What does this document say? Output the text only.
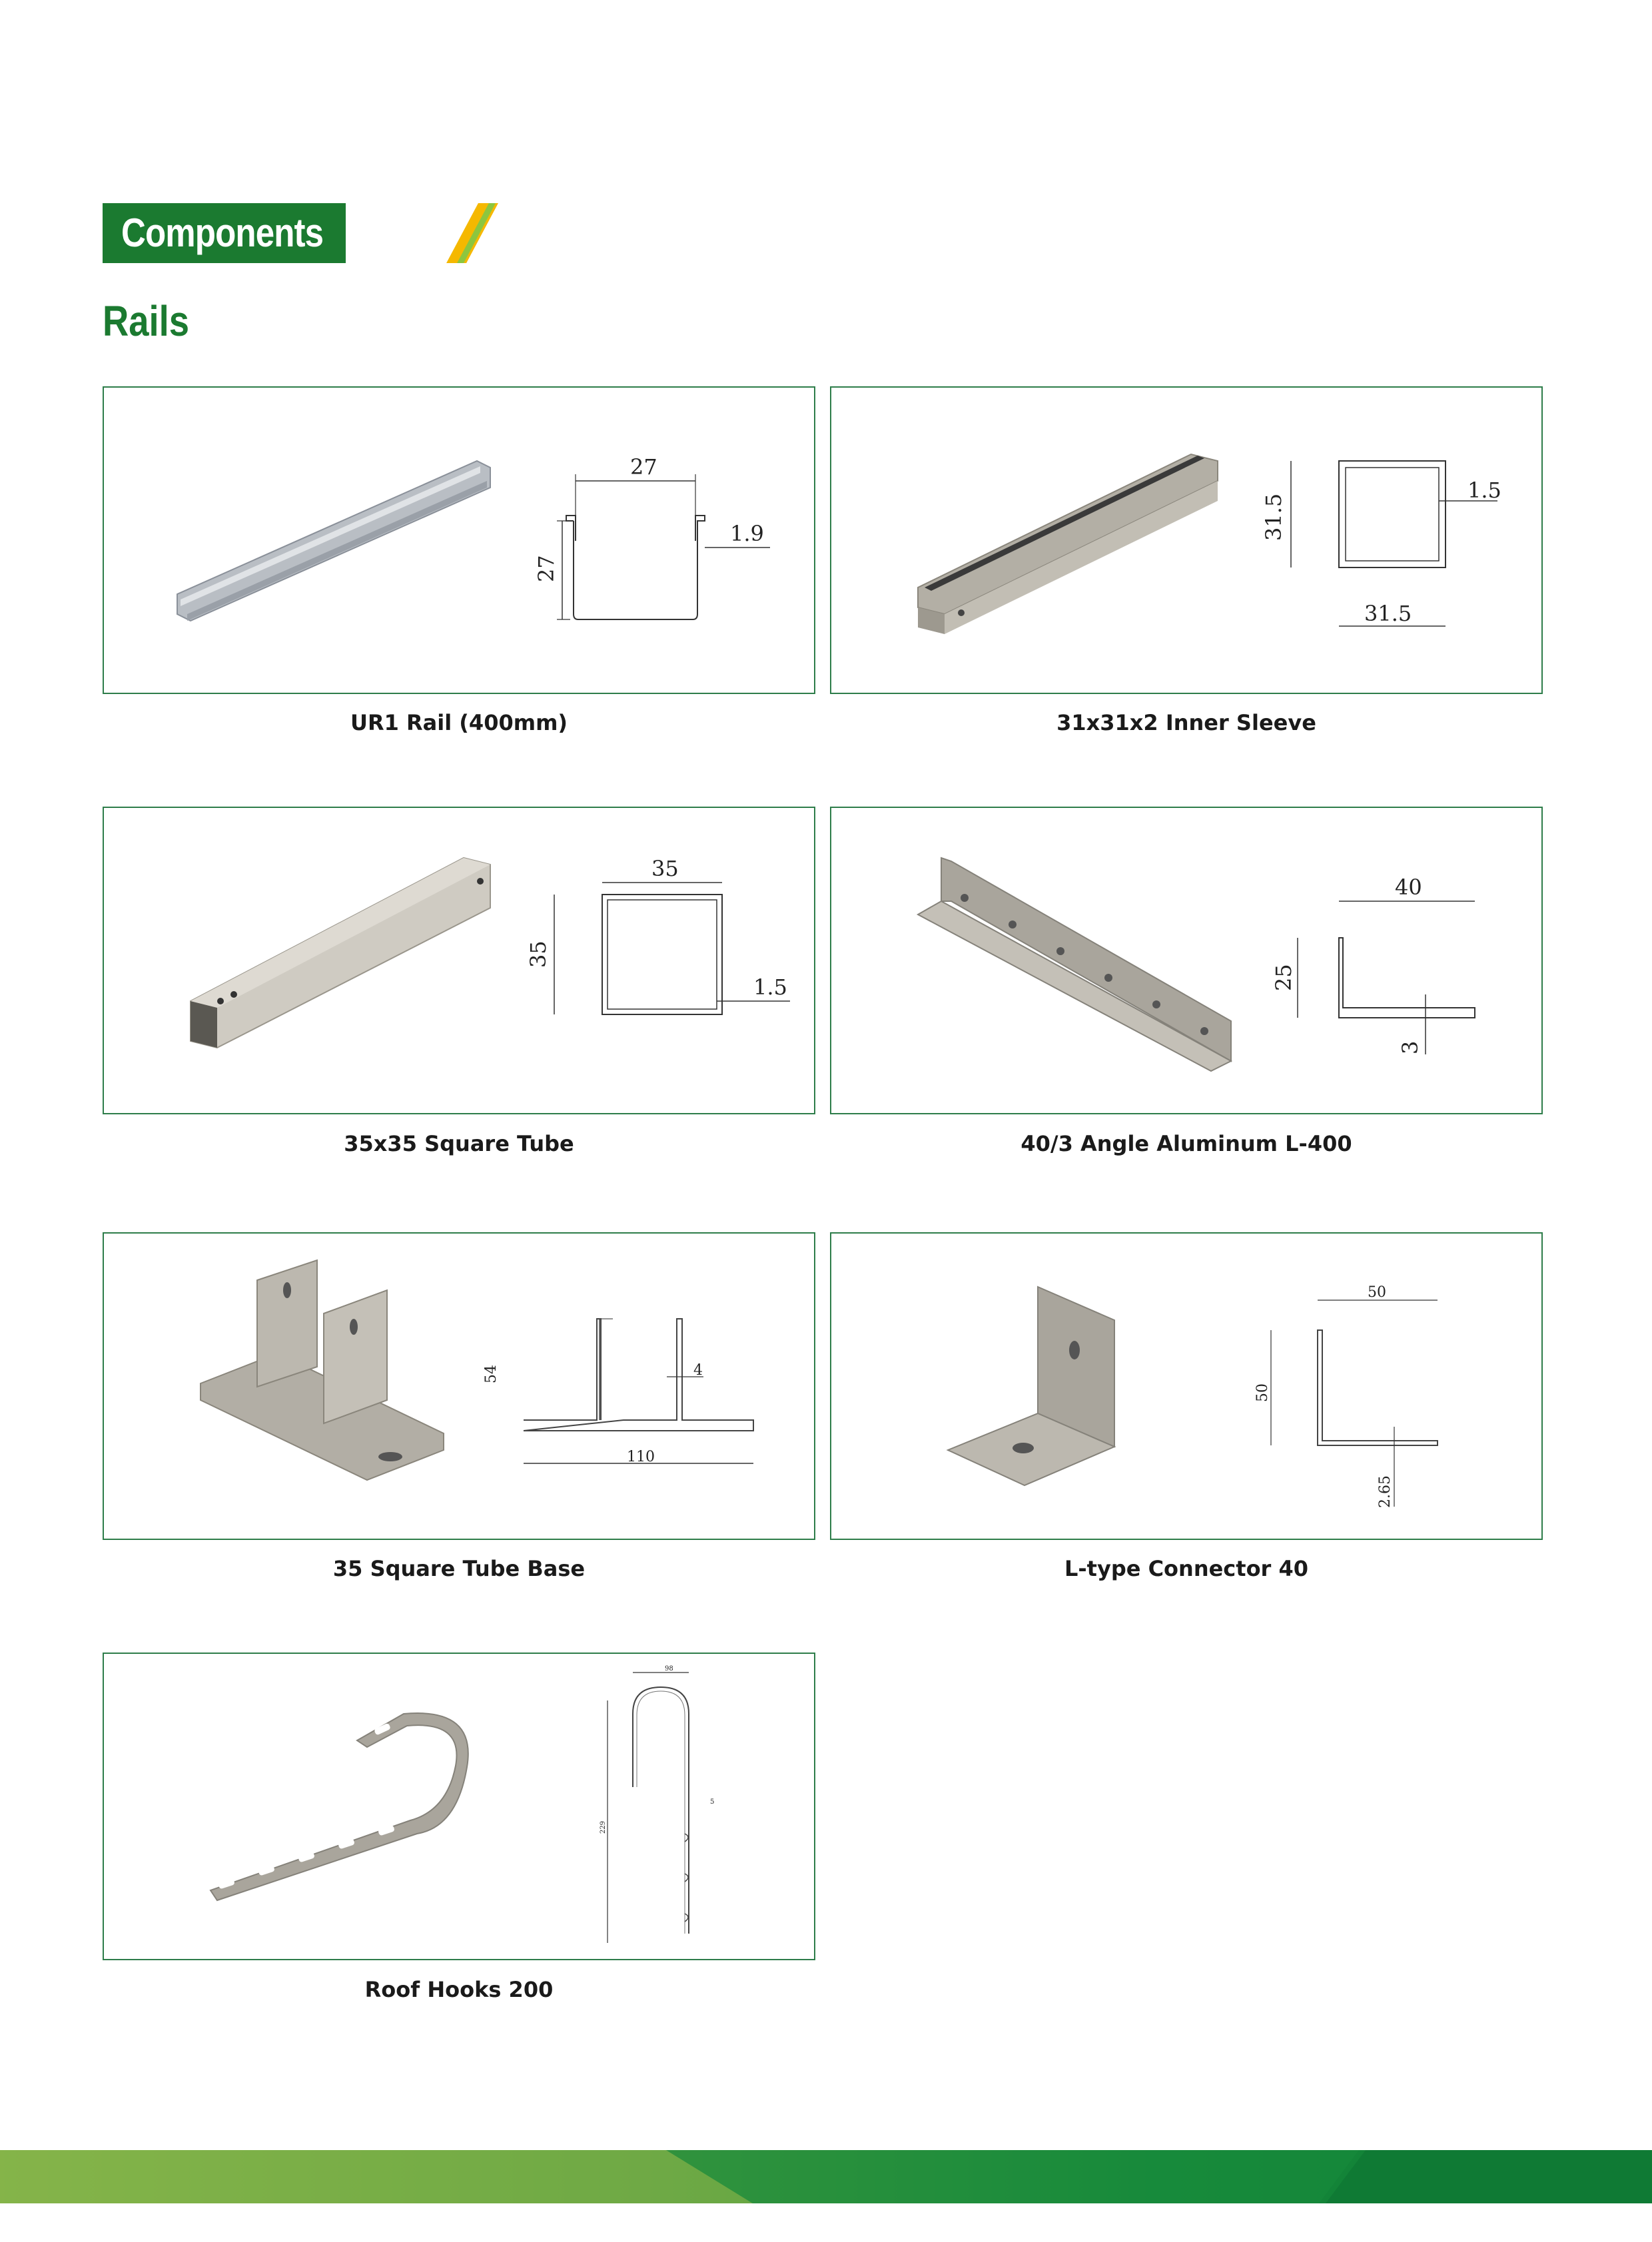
Components
Rails
27
27
1.9
UR1 Rail (400mm)
31.5
31.5
1.5
31x31x2 Inner Sleeve
35
35
1.5
35x35 Square Tube
40
25
3
40/3 Angle Aluminum L-400
54	4
110
35 Square Tube Base
50
50
2.65
L-type Connector 40
98
229
5
Roof Hooks 200
